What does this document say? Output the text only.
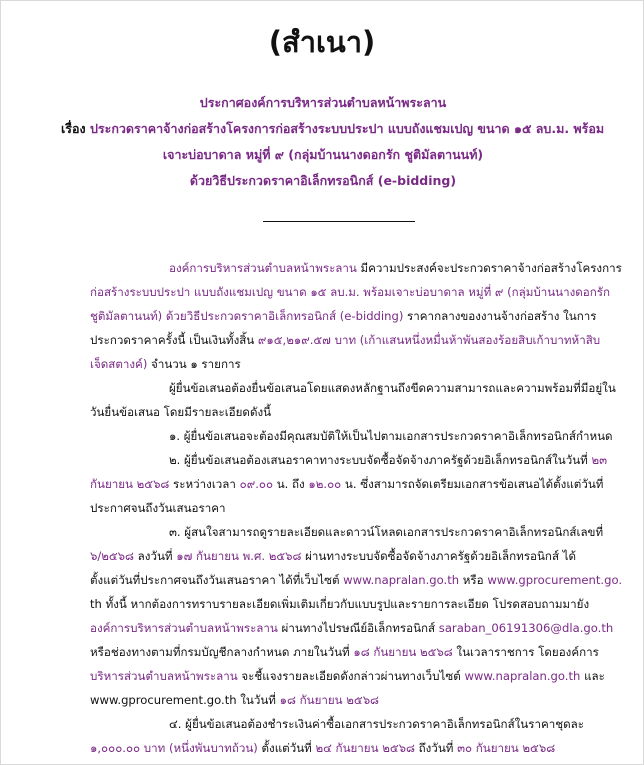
(สำเนา)
ประกาศองค์การบริหารส่วนตำบลหน้าพระลาน
เรื่อง ประกวดราคาจ้างก่อสร้างโครงการก่อสร้างระบบประปา แบบถังแชมเปญ ขนาด ๑๕ ลบ.ม. พร้อม
เจาะบ่อบาดาล หมู่ที่ ๙ (กลุ่มบ้านนางดอกรัก ชูติมัลตานนท์)
ด้วยวิธีประกวดราคาอิเล็กทรอนิกส์ (e-bidding)
องค์การบริหารส่วนตำบลหน้าพระลาน มีความประสงค์จะประกวดราคาจ้างก่อสร้างโครงการ
ก่อสร้างระบบประปา แบบถังแชมเปญ ขนาด ๑๕ ลบ.ม. พร้อมเจาะบ่อบาดาล หมู่ที่ ๙ (กลุ่มบ้านนางดอกรัก
ชูติมัลตานนท์) ด้วยวิธีประกวดราคาอิเล็กทรอนิกส์ (e-bidding) ราคากลางของงานจ้างก่อสร้าง ในการ
ประกวดราคาครั้งนี้ เป็นเงินทั้งสิ้น ๙๑๕,๒๑๙.๕๗ บาท (เก้าแสนหนึ่งหมื่นห้าพันสองร้อยสิบเก้าบาทห้าสิบ
เจ็ดสตางค์) จำนวน ๑ รายการ
ผู้ยื่นข้อเสนอต้องยื่นข้อเสนอโดยแสดงหลักฐานถึงขีดความสามารถและความพร้อมที่มีอยู่ใน
วันยื่นข้อเสนอ โดยมีรายละเอียดดังนี้
๑. ผู้ยื่นข้อเสนอจะต้องมีคุณสมบัติให้เป็นไปตามเอกสารประกวดราคาอิเล็กทรอนิกส์กำหนด
๒. ผู้ยื่นข้อเสนอต้องเสนอราคาทางระบบจัดซื้อจัดจ้างภาครัฐด้วยอิเล็กทรอนิกส์ในวันที่ ๒๓
กันยายน ๒๕๖๘ ระหว่างเวลา ๐๙.๐๐ น. ถึง ๑๒.๐๐ น. ซึ่งสามารถจัดเตรียมเอกสารข้อเสนอได้ตั้งแต่วันที่
ประกาศจนถึงวันเสนอราคา
๓. ผู้สนใจสามารถดูรายละเอียดและดาวน์โหลดเอกสารประกวดราคาอิเล็กทรอนิกส์เลขที่
๖/๒๕๖๘ ลงวันที่ ๑๗ กันยายน พ.ศ. ๒๕๖๘ ผ่านทางระบบจัดซื้อจัดจ้างภาครัฐด้วยอิเล็กทรอนิกส์ ได้
ตั้งแต่วันที่ประกาศจนถึงวันเสนอราคา ได้ที่เว็บไซต์ www.napralan.go.th หรือ www.gprocurement.go.
th ทั้งนี้ หากต้องการทราบรายละเอียดเพิ่มเติมเกี่ยวกับแบบรูปและรายการละเอียด โปรดสอบถามมายัง
องค์การบริหารส่วนตำบลหน้าพระลาน ผ่านทางไปรษณีย์อิเล็กทรอนิกส์ saraban_06191306@dla.go.th
หรือช่องทางตามที่กรมบัญชีกลางกำหนด ภายในวันที่ ๑๘ กันยายน ๒๕๖๘ ในเวลาราชการ โดยองค์การ
บริหารส่วนตำบลหน้าพระลาน จะชี้แจงรายละเอียดดังกล่าวผ่านทางเว็บไซต์ www.napralan.go.th และ
www.gprocurement.go.th ในวันที่ ๑๘ กันยายน ๒๕๖๘
๔. ผู้ยื่นข้อเสนอต้องชำระเงินค่าซื้อเอกสารประกวดราคาอิเล็กทรอนิกส์ในราคาชุดละ
๑,๐๐๐.๐๐ บาท (หนึ่งพันบาทถ้วน) ตั้งแต่วันที่ ๒๔ กันยายน ๒๕๖๘ ถึงวันที่ ๓๐ กันยายน ๒๕๖๘
